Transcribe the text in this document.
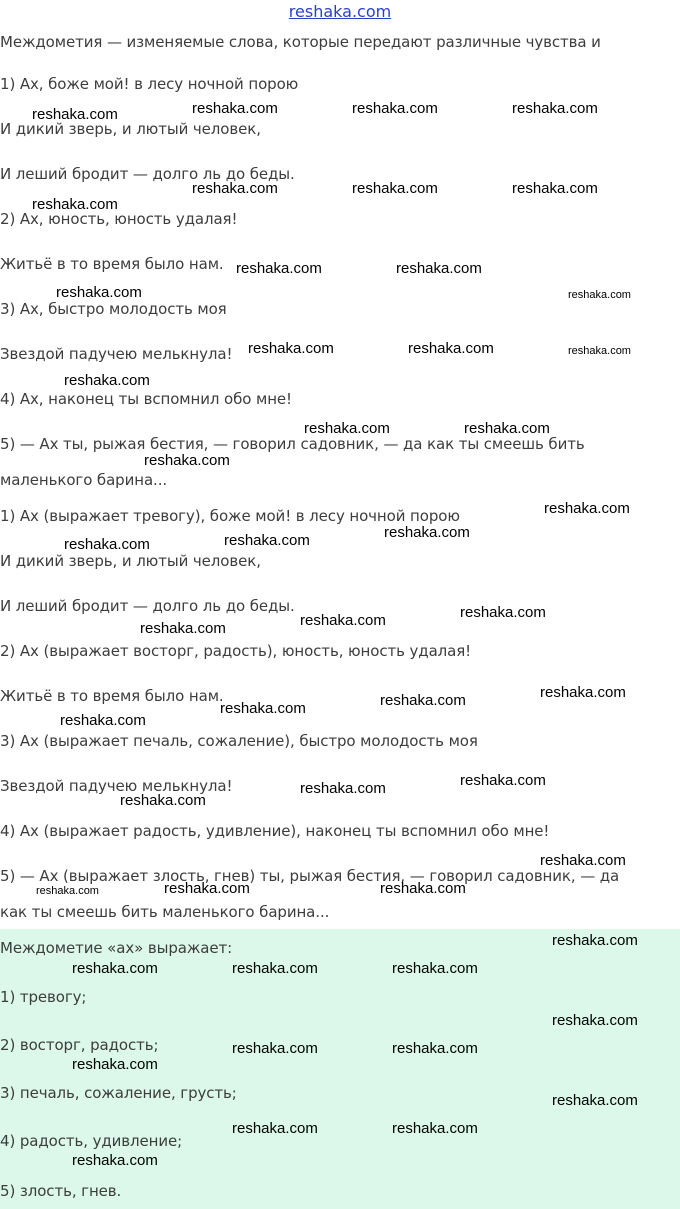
reshaka.com
Междометия — изменяемые слова, которые передают различные чувства и
1) Ах, боже мой! в лесу ночной порою
И дикий зверь, и лютый человек,
И леший бродит — долго ль до беды.
2) Ах, юность, юность удалая!
Житьё в то время было нам.
3) Ах, быстро молодость моя
Звездой падучею мелькнула!
4) Ах, наконец ты вспомнил обо мне!
5) — Ах ты, рыжая бестия, — говорил садовник, — да как ты смеешь бить
маленького барина...
1) Ах (выражает тревогу), боже мой! в лесу ночной порою
И дикий зверь, и лютый человек,
И леший бродит — долго ль до беды.
2) Ах (выражает восторг, радость), юность, юность удалая!
Житьё в то время было нам.
3) Ах (выражает печаль, сожаление), быстро молодость моя
Звездой падучею мелькнула!
4) Ах (выражает радость, удивление), наконец ты вспомнил обо мне!
5) — Ах (выражает злость, гнев) ты, рыжая бестия, — говорил садовник, — да
как ты смеешь бить маленького барина...
Междометие «ах» выражает:
1) тревогу;
2) восторг, радость;
3) печаль, сожаление, грусть;
4) радость, удивление;
5) злость, гнев.
reshaka.com	reshaka.com	reshaka.com	reshaka.com
reshaka.com	reshaka.com	reshaka.com
reshaka.com
reshaka.com	reshaka.com
reshaka.com	reshaka.com
reshaka.com	reshaka.com	reshaka.com
reshaka.com
reshaka.com	reshaka.com
reshaka.com
reshaka.com
reshaka.com
reshaka.com
reshaka.com
reshaka.com
reshaka.com
reshaka.com
reshaka.com
reshaka.com
reshaka.com
reshaka.com
reshaka.com
reshaka.com
reshaka.com
reshaka.com
reshaka.com
reshaka.com
reshaka.com
reshaka.com
reshaka.com	reshaka.com	reshaka.com
reshaka.com
reshaka.com	reshaka.com
reshaka.com
reshaka.com
reshaka.com	reshaka.com
reshaka.com
